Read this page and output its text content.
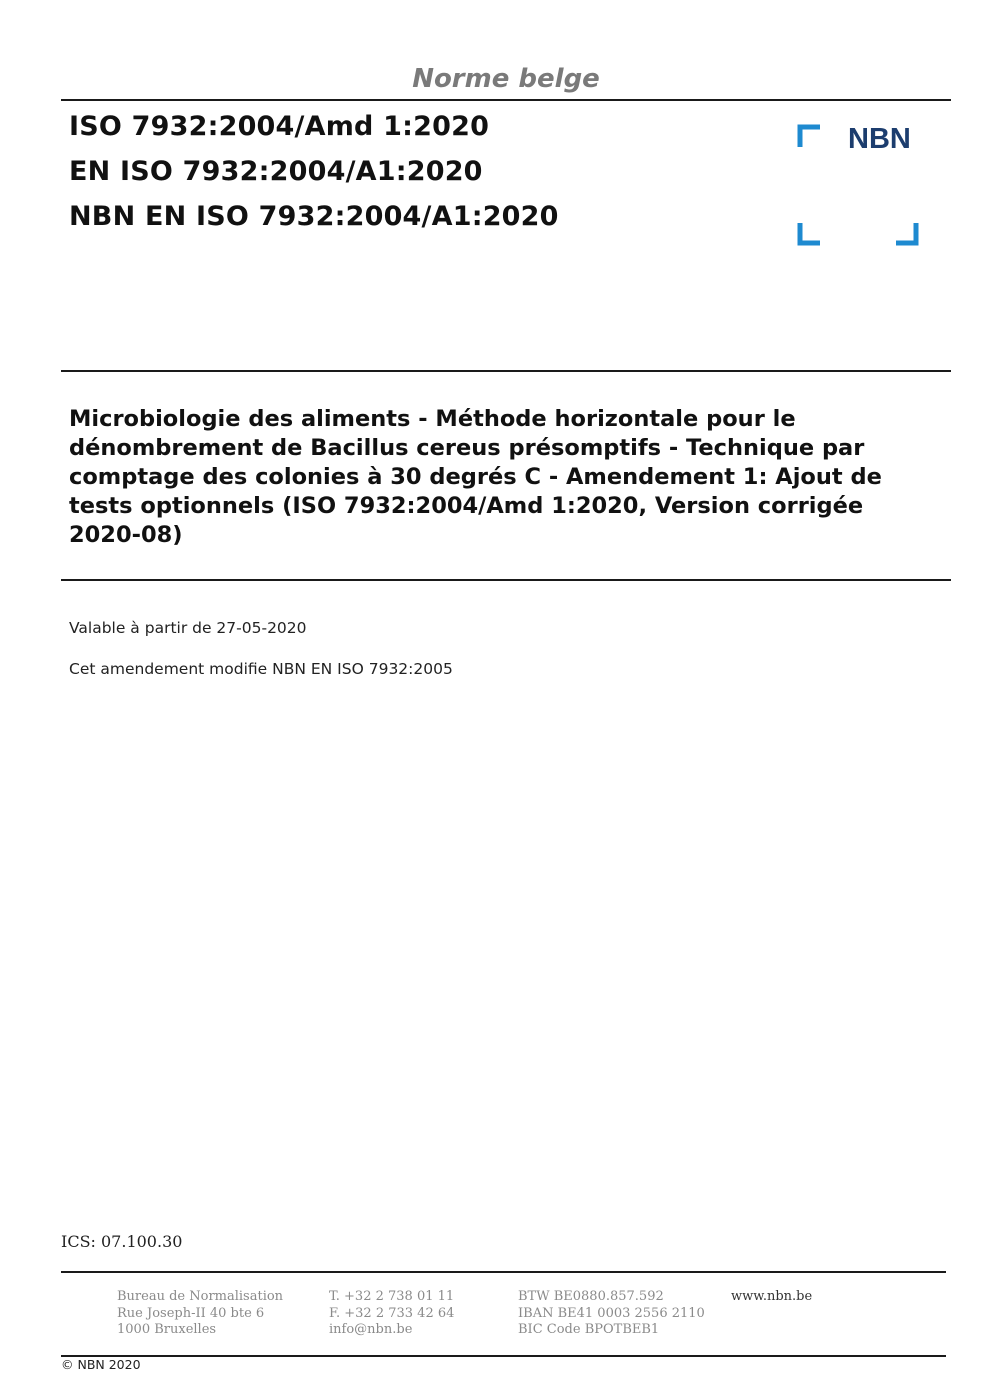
Norme belge
ISO 7932:2004/Amd 1:2020
EN ISO 7932:2004/A1:2020
NBN EN ISO 7932:2004/A1:2020
NBN
Microbiologie des aliments - Méthode horizontale pour le dénombrement de Bacillus cereus présomptifs - Technique par comptage des colonies à 30 degrés C - Amendement 1: Ajout de tests optionnels (ISO 7932:2004/Amd 1:2020, Version corrigée 2020-08)
Valable à partir de 27-05-2020
Cet amendement modifie NBN EN ISO 7932:2005
ICS: 07.100.30
Bureau de Normalisation
Rue Joseph-II 40 bte 6
1000 Bruxelles
T. +32 2 738 01 11
F. +32 2 733 42 64
info@nbn.be
BTW BE0880.857.592
IBAN BE41 0003 2556 2110
BIC Code BPOTBEB1
www.nbn.be
© NBN 2020
